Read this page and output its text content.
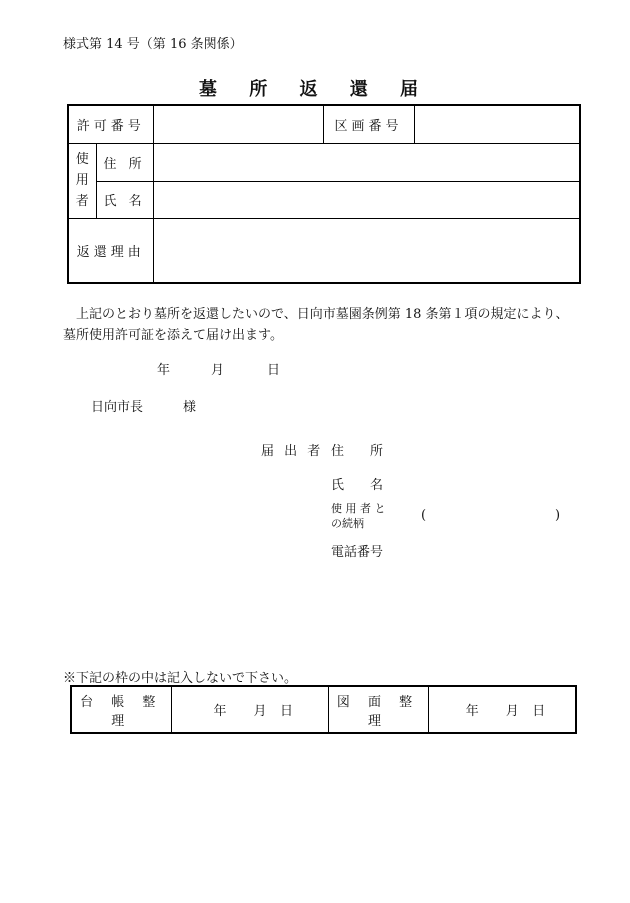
様式第 14 号（第 16 条関係）
墓 所 返 還 届
許可番号			区画番号	

使
用
者	住 所			
	氏 名			
返還理由				

上記のとおり墓所を返還したいので、日向市墓園条例第 18 条第１項の規定により、

墓所使用許可証を添えて届け出ます。

年	月	日
日向市長	様
届 出 者 住　　所
氏　　名
使 用 者 と
の続柄
(	)
電話番号
※下記の枠の中は記入しないで下さい。
台 帳 整 理	年 月 日	図 面 整 理	年 月 日
